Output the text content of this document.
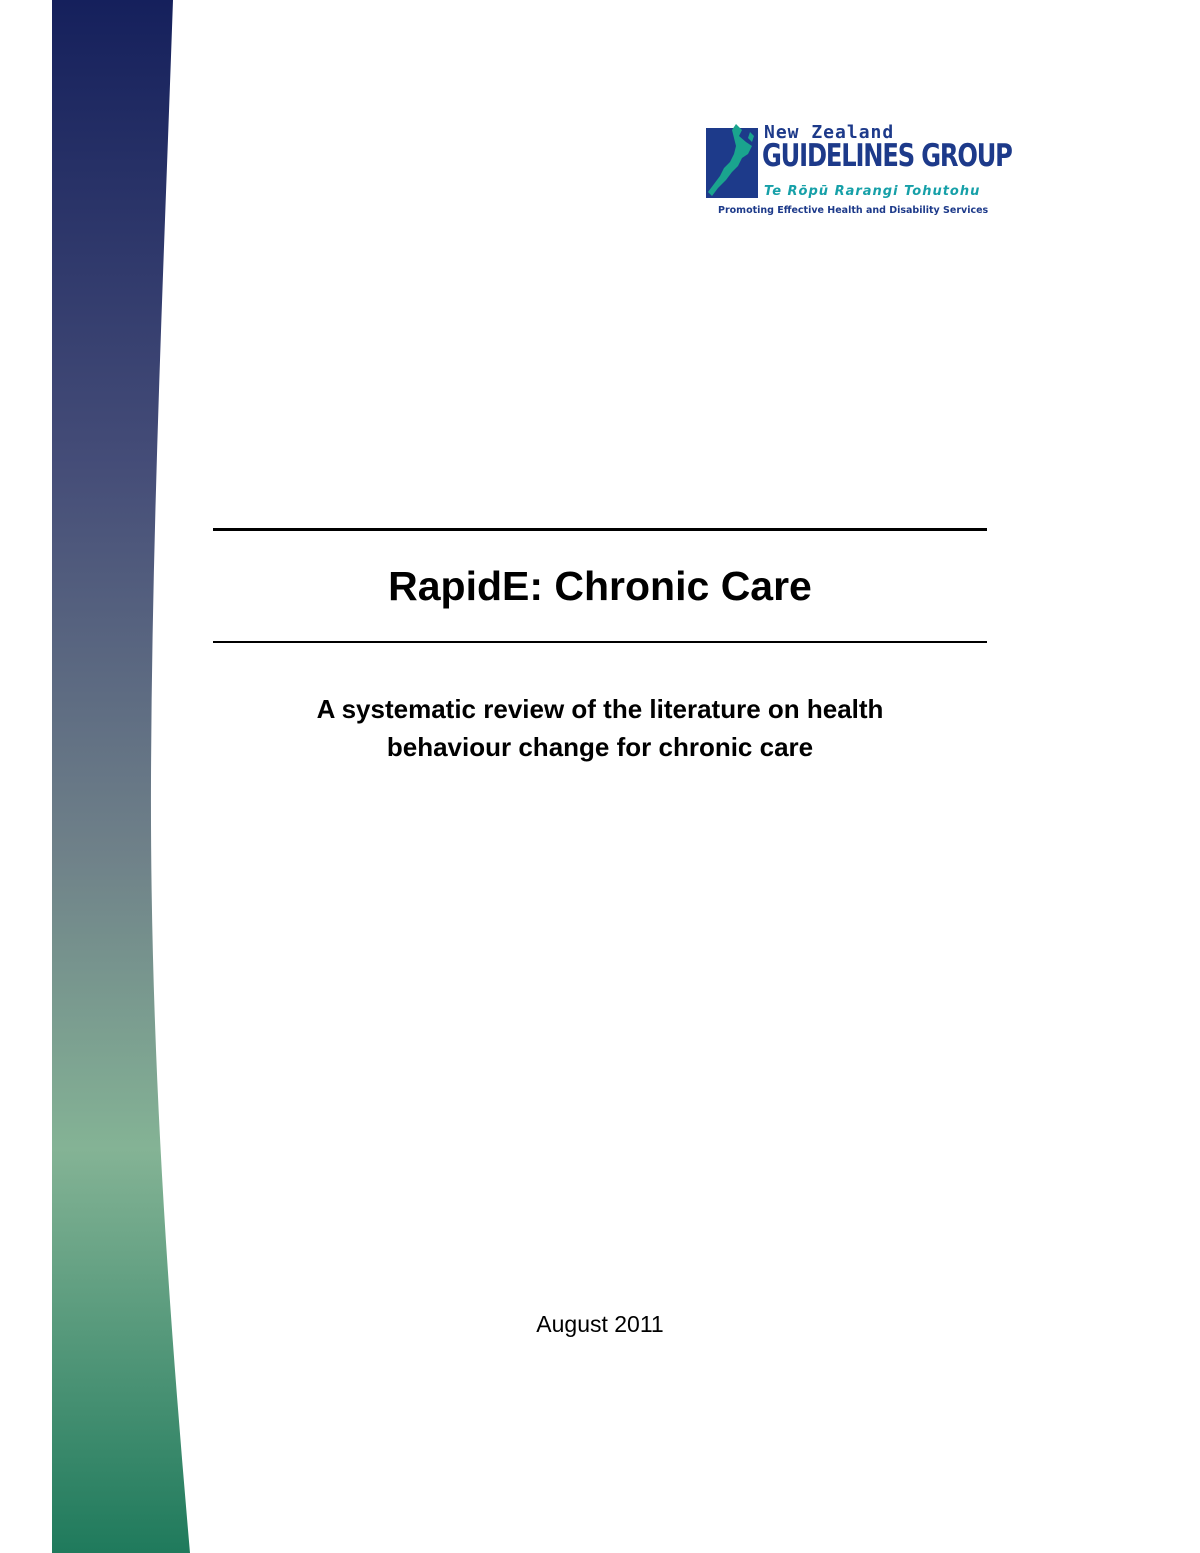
New Zealand
GUIDELINES GROUP
Te Rōpū Rarangi Tohutohu
Promoting Effective Health and Disability Services
RapidE: Chronic Care

A systematic review of the literature on health
behaviour change for chronic care

August 2011
